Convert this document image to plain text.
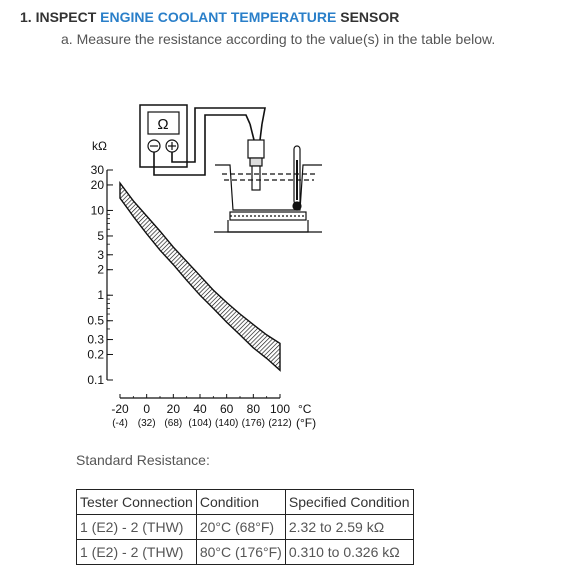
1. INSPECT ENGINE COOLANT TEMPERATURE SENSOR
a. Measure the resistance according to the value(s) in the table below.
30
20
10
5
3
2
1
0.5
0.3
0.2
0.1
-20
(-4)
0
(32)
20
(68)
40
(104)
60
(140)
80
(176)
100
(212)
kΩ
°C
(°F)
Ω
Standard Resistance:
Tester Connection	Condition	Specified Condition
1 (E2) - 2 (THW)	20°C (68°F)	2.32 to 2.59 kΩ
1 (E2) - 2 (THW)	80°C (176°F)	0.310 to 0.326 kΩ
